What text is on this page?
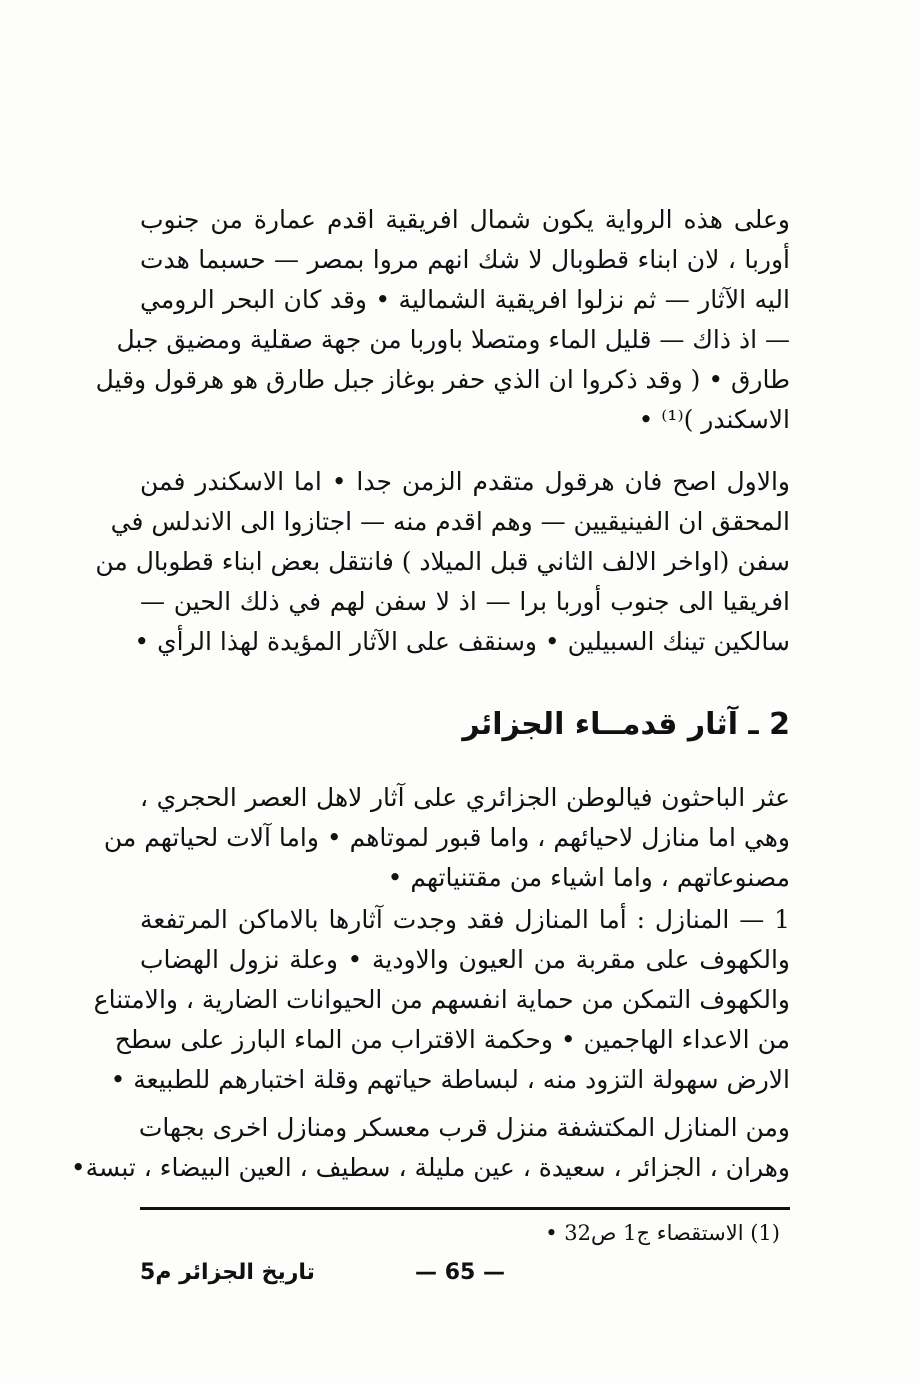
وعلى هذه الرواية يكون شمال افريقية اقدم عمارة من جنوب
أوربا ، لان ابناء قطوبال لا شك انهم مروا بمصر — حسبما هدت
اليه الآثار — ثم نزلوا افريقية الشمالية • وقد كان البحر الرومي
— اذ ذاك — قليل الماء ومتصلا باوربا من جهة صقلية ومضيق جبل
طارق • ( وقد ذكروا ان الذي حفر بوغاز جبل طارق هو هرقول وقيل
الاسكندر )⁽¹⁾ •
والاول اصح فان هرقول متقدم الزمن جدا • اما الاسكندر فمن
المحقق ان الفينيقيين — وهم اقدم منه — اجتازوا الى الاندلس في
سفن (اواخر الالف الثاني قبل الميلاد ) فانتقل بعض ابناء قطوبال من
افريقيا الى جنوب أوربا برا — اذ لا سفن لهم في ذلك الحين —
سالكين تينك السبيلين • وسنقف على الآثار المؤيدة لهذا الرأي •
2 ـ آثار قدمــاء الجزائر
عثر الباحثون فيالوطن الجزائري على آثار لاهل العصر الحجري ،
وهي اما منازل لاحيائهم ، واما قبور لموتاهم • واما آلات لحياتهم من
مصنوعاتهم ، واما اشياء من مقتنياتهم •
1 — المنازل : أما المنازل فقد وجدت آثارها بالاماكن المرتفعة
والكهوف على مقربة من العيون والاودية • وعلة نزول الهضاب
والكهوف التمكن من حماية انفسهم من الحيوانات الضارية ، والامتناع
من الاعداء الهاجمين • وحكمة الاقتراب من الماء البارز على سطح
الارض سهولة التزود منه ، لبساطة حياتهم وقلة اختبارهم للطبيعة •
ومن المنازل المكتشفة منزل قرب معسكر ومنازل اخرى بجهات
وهران ، الجزائر ، سعيدة ، عين مليلة ، سطيف ، العين البيضاء ، تبسة•
(1) الاستقصاء ج1 ص32 •
— 65 —
تاريخ الجزائر م5
